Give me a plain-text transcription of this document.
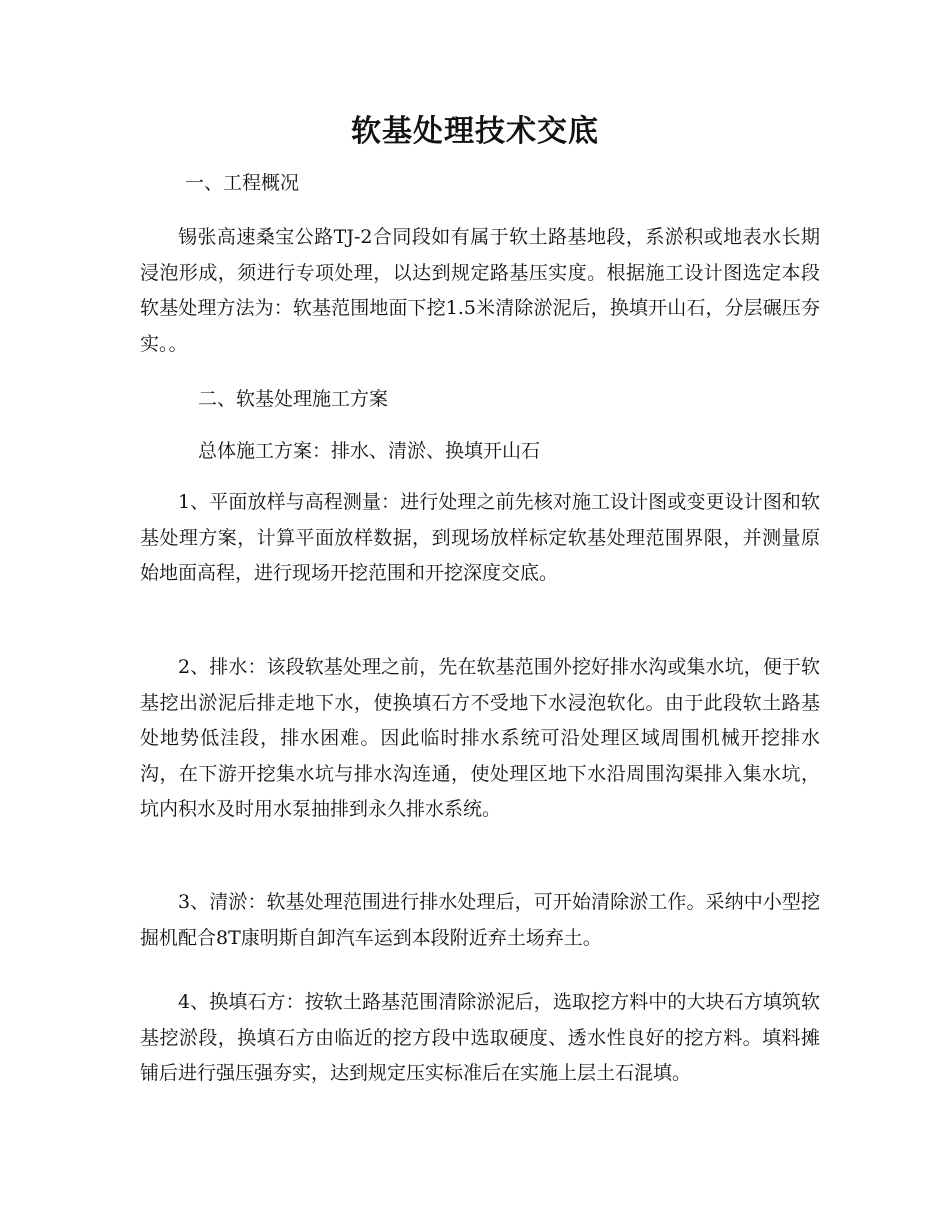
软基处理技术交底
一、工程概况
锡张高速桑宝公路TJ-2合同段如有属于软土路基地段，系淤积或地表水长期浸泡形成，须进行专项处理，以达到规定路基压实度。根据施工设计图选定本段软基处理方法为：软基范围地面下挖1.5米清除淤泥后，换填开山石，分层碾压夯实。。
二、软基处理施工方案
总体施工方案：排水、清淤、换填开山石
1、平面放样与高程测量：进行处理之前先核对施工设计图或变更设计图和软基处理方案，计算平面放样数据，到现场放样标定软基处理范围界限，并测量原始地面高程，进行现场开挖范围和开挖深度交底。
2、排水：该段软基处理之前，先在软基范围外挖好排水沟或集水坑，便于软基挖出淤泥后排走地下水，使换填石方不受地下水浸泡软化。由于此段软土路基处地势低洼段，排水困难。因此临时排水系统可沿处理区域周围机械开挖排水沟，在下游开挖集水坑与排水沟连通，使处理区地下水沿周围沟渠排入集水坑，坑内积水及时用水泵抽排到永久排水系统。
3、清淤：软基处理范围进行排水处理后，可开始清除淤工作。采纳中小型挖掘机配合8T康明斯自卸汽车运到本段附近弃土场弃土。
4、换填石方：按软土路基范围清除淤泥后，选取挖方料中的大块石方填筑软基挖淤段，换填石方由临近的挖方段中选取硬度、透水性良好的挖方料。填料摊铺后进行强压强夯实，达到规定压实标准后在实施上层土石混填。
